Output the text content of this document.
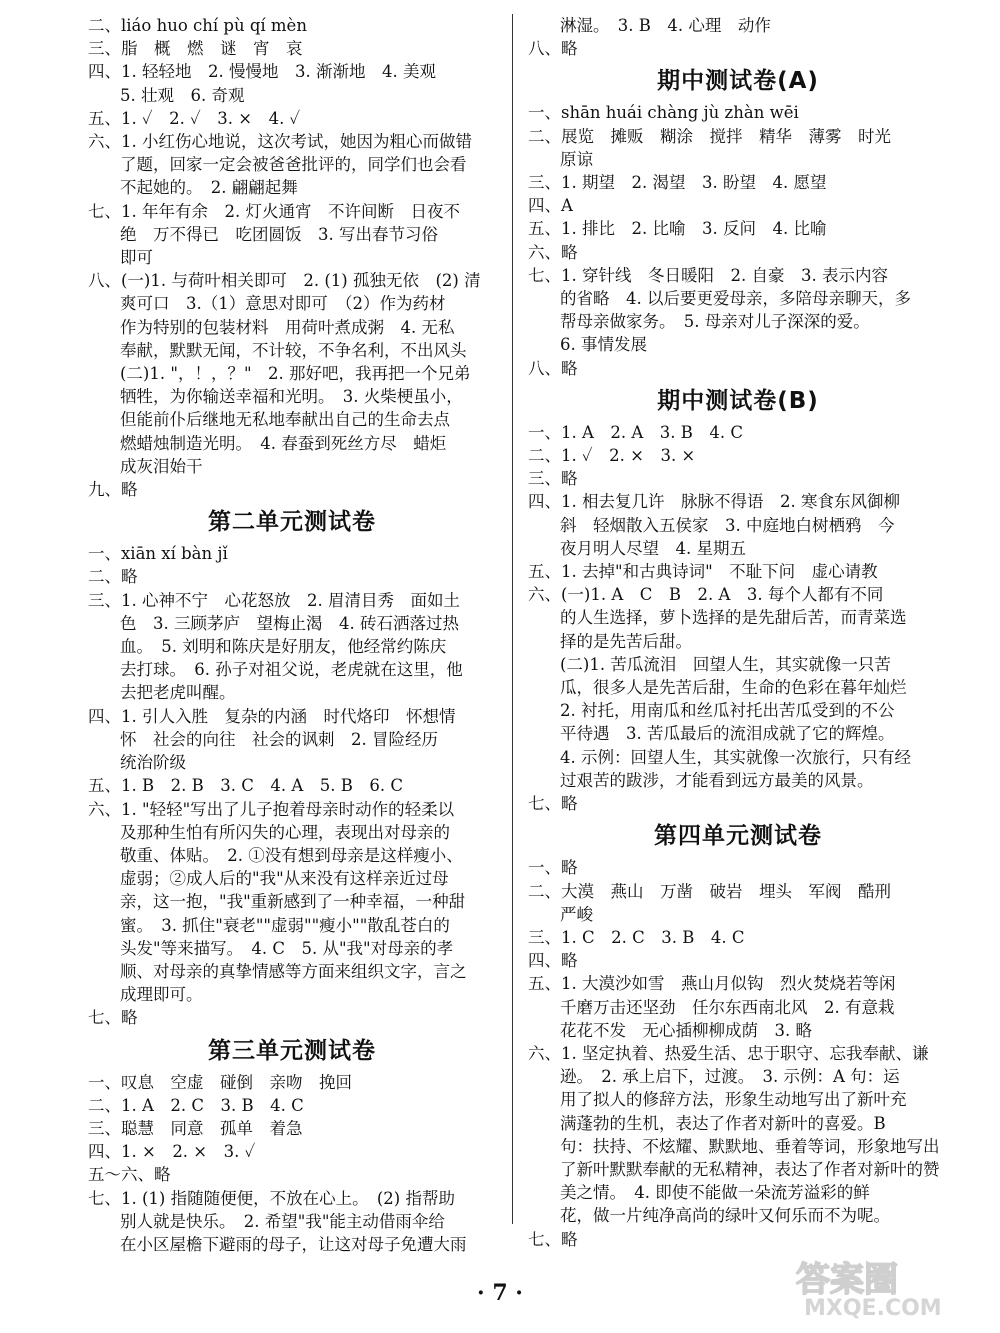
二、liáo huo chí pù qí mèn
三、脂　概　燃　谜　宵　哀
四、1. 轻轻地　2. 慢慢地　3. 渐渐地　4. 美观
5. 壮观　6. 奇观
五、1. ✓　2. ✓　3. ×　4. ✓
六、1. 小红伤心地说，这次考试，她因为粗心而做错
了题，回家一定会被爸爸批评的，同学们也会看
不起她的。　2. 翩翩起舞
七、1. 年年有余　2. 灯火通宵　不许间断　日夜不
绝　万不得已　吃团圆饭　3. 写出春节习俗
即可
八、(一)1. 与荷叶相关即可　2. (1) 孤独无依　(2) 清
爽可口　3.（1）意思对即可　（2）作为药材
作为特别的包装材料　用荷叶煮成粥　4. 无私
奉献，默默无闻，不计较，不争名利，不出风头
(二)1. "，！，？"　2. 那好吧，我再把一个兄弟
牺牲，为你输送幸福和光明。　3. 火柴梗虽小，
但能前仆后继地无私地奉献出自己的生命去点
燃蜡烛制造光明。　4. 春蚕到死丝方尽　蜡炬
成灰泪始干
九、略
第二单元测试卷
一、xiān xí bàn jǐ
二、略
三、1. 心神不宁　心花怒放　2. 眉清目秀　面如土
色　3. 三顾茅庐　望梅止渴　4. 砖石洒落过热
血。　5. 刘明和陈庆是好朋友，他经常约陈庆
去打球。　6. 孙子对祖父说，老虎就在这里，他
去把老虎叫醒。
四、1. 引人入胜　复杂的内涵　时代烙印　怀想情
怀　社会的向往　社会的讽刺　2. 冒险经历
统治阶级
五、1. B　2. B　3. C　4. A　5. B　6. C
六、1. "轻轻"写出了儿子抱着母亲时动作的轻柔以
及那种生怕有所闪失的心理，表现出对母亲的
敬重、体贴。　2. ①没有想到母亲是这样瘦小、
虚弱；②成人后的"我"从来没有这样亲近过母
亲，这一抱，"我"重新感到了一种幸福，一种甜
蜜。　3. 抓住"衰老""虚弱""瘦小""散乱苍白的
头发"等来描写。　4. C　5. 从"我"对母亲的孝
顺、对母亲的真挚情感等方面来组织文字，言之
成理即可。
七、略
第三单元测试卷
一、叹息　空虚　碰倒　亲吻　挽回
二、1. A　2. C　3. B　4. C
三、聪慧　同意　孤单　着急
四、1. ×　2. ×　3. ✓
五～六、略
七、1. (1) 指随随便便，不放在心上。　(2) 指帮助
别人就是快乐。　2. 希望"我"能主动借雨伞给
在小区屋檐下避雨的母子，让这对母子免遭大雨
淋湿。　3. B　4. 心理　动作
八、略
期中测试卷(A)
一、shān huái chàng jù zhàn wēi
二、展览　摊贩　糊涂　搅拌　精华　薄雾　时光
原谅
三、1. 期望　2. 渴望　3. 盼望　4. 愿望
四、A
五、1. 排比　2. 比喻　3. 反问　4. 比喻
六、略
七、1. 穿针线　冬日暖阳　2. 自豪　3. 表示内容
的省略　4. 以后要更爱母亲，多陪母亲聊天，多
帮母亲做家务。　5. 母亲对儿子深深的爱。
6. 事情发展
八、略
期中测试卷(B)
一、1. A　2. A　3. B　4. C
二、1. ✓　2. ×　3. ×
三、略
四、1. 相去复几许　脉脉不得语　2. 寒食东风御柳
斜　轻烟散入五侯家　3. 中庭地白树栖鸦　今
夜月明人尽望　4. 星期五
五、1. 去掉"和古典诗词"　不耻下问　虚心请教
六、(一)1. A　C　B　2. A　3. 每个人都有不同
的人生选择，萝卜选择的是先甜后苦，而青菜选
择的是先苦后甜。
(二)1. 苦瓜流泪　回望人生，其实就像一只苦
瓜，很多人是先苦后甜，生命的色彩在暮年灿烂
2. 衬托，用南瓜和丝瓜衬托出苦瓜受到的不公
平待遇　3. 苦瓜最后的流泪成就了它的辉煌。
4. 示例：回望人生，其实就像一次旅行，只有经
过艰苦的跋涉，才能看到远方最美的风景。
七、略
第四单元测试卷
一、略
二、大漠　燕山　万凿　破岩　埋头　军阀　酷刑
严峻
三、1. C　2. C　3. B　4. C
四、略
五、1. 大漠沙如雪　燕山月似钩　烈火焚烧若等闲
千磨万击还坚劲　任尔东西南北风　2. 有意栽
花花不发　无心插柳柳成荫　3. 略
六、1. 坚定执着、热爱生活、忠于职守、忘我奉献、谦
逊。　2. 承上启下，过渡。　3. 示例：A 句：运
用了拟人的修辞方法，形象生动地写出了新叶充
满蓬勃的生机，表达了作者对新叶的喜爱。B
句：扶持、不炫耀、默默地、垂着等词，形象地写出
了新叶默默奉献的无私精神，表达了作者对新叶的赞
美之情。　4. 即使不能做一朵流芳溢彩的鲜
花，做一片纯净高尚的绿叶又何乐而不为呢。
七、略
· 7 ·	答案圈
MXQE.COM
